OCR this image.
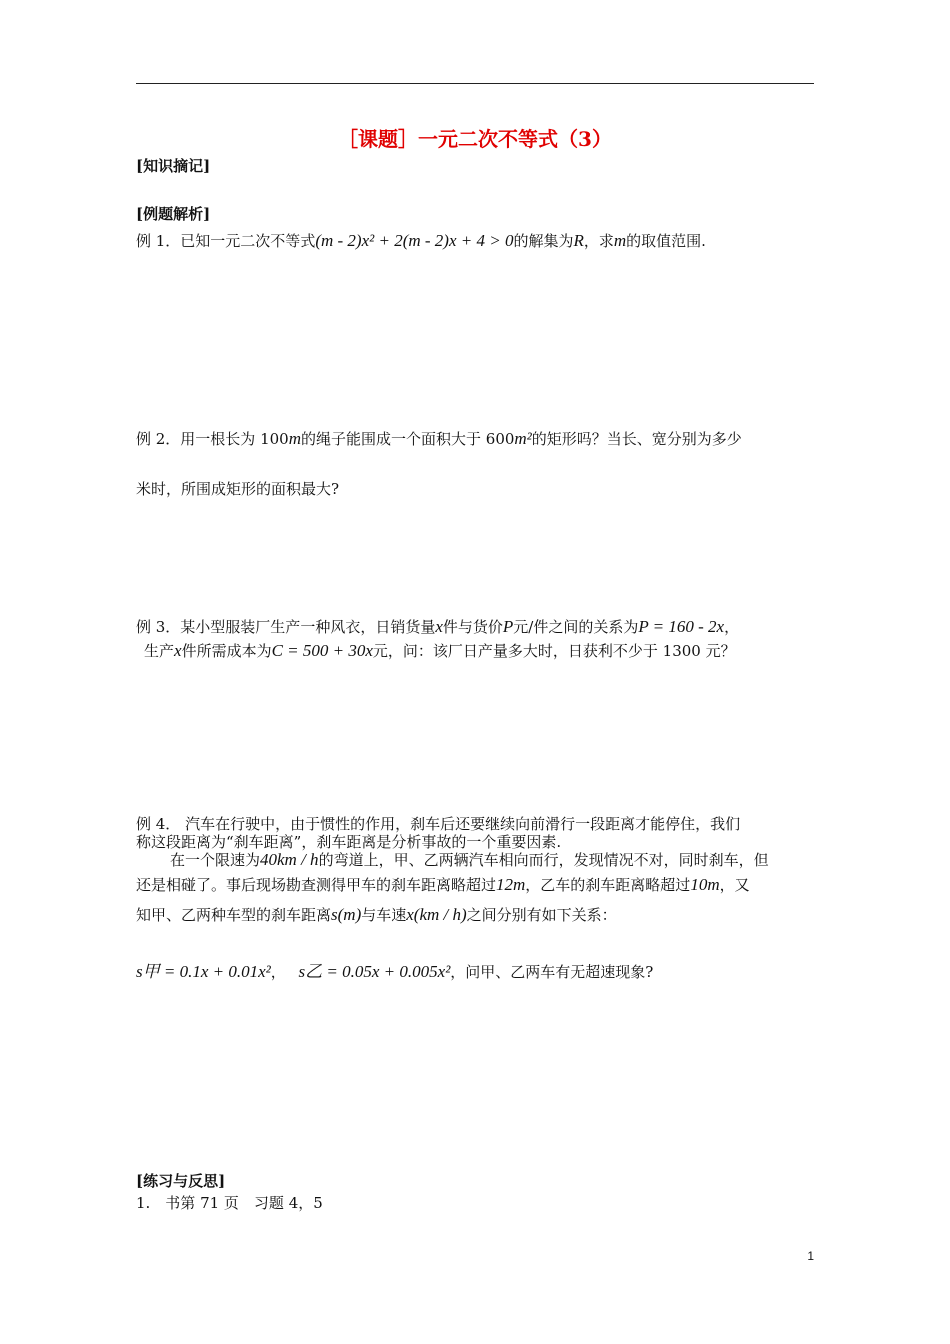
［课题］一元二次不等式（3）
[知识摘记]
[例题解析]
例 1．已知一元二次不等式(m - 2)x² + 2(m - 2)x + 4 > 0的解集为R，求m的取值范围.
例 2．用一根长为 100m的绳子能围成一个面积大于 600m²的矩形吗？当长、宽分别为多少
米时，所围成矩形的面积最大?
例 3．某小型服装厂生产一种风衣，日销货量x件与货价P元/件之间的关系为P = 160 - 2x，
生产x件所需成本为C = 500 + 30x元，问：该厂日产量多大时，日获利不少于 1300 元？
例 4． 汽车在行驶中，由于惯性的作用，刹车后还要继续向前滑行一段距离才能停住，我们
称这段距离为“刹车距离”，刹车距离是分析事故的一个重要因素.
在一个限速为40km / h的弯道上，甲、乙两辆汽车相向而行，发现情况不对，同时刹车，但
还是相碰了。事后现场勘查测得甲车的刹车距离略超过12m，乙车的刹车距离略超过10m，又
知甲、乙两种车型的刹车距离s(m)与车速x(km / h)之间分别有如下关系：
s甲 = 0.1x + 0.01x²， s乙 = 0.05x + 0.005x²，问甲、乙两车有无超速现象?
[练习与反思]
1.　书第 71 页　习题 4，5
1
